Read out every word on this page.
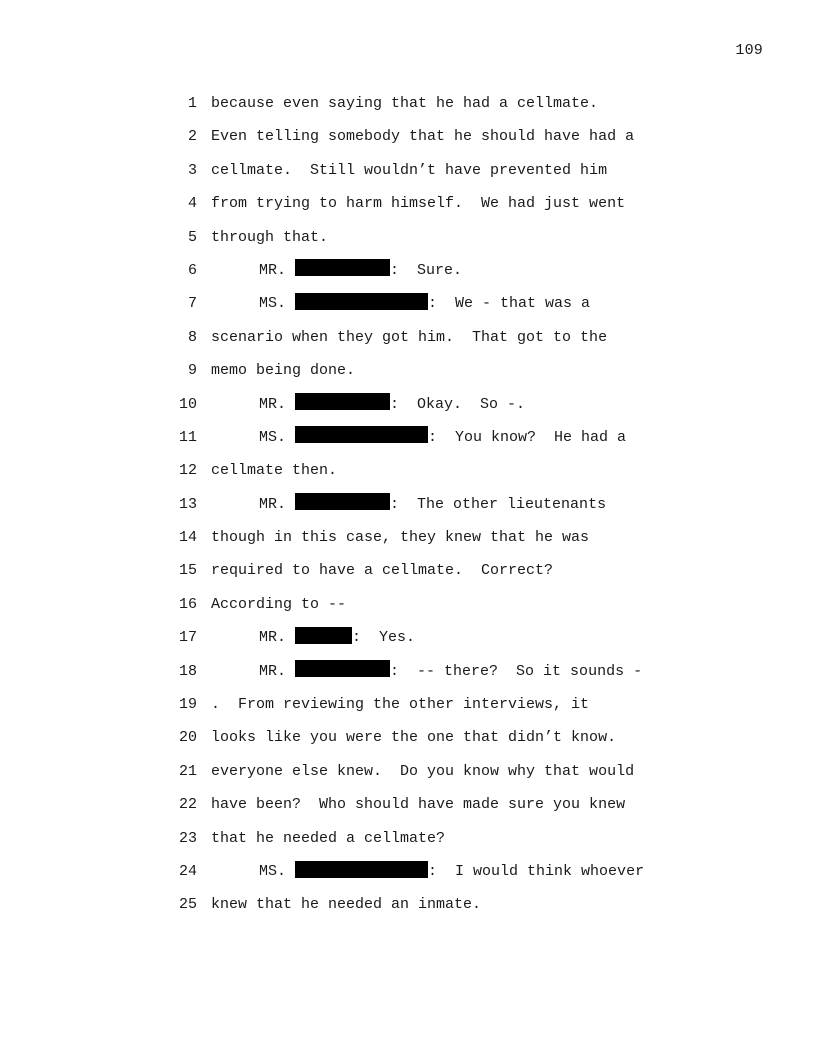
109
1 because even saying that he had a cellmate.
2 Even telling somebody that he should have had a
3 cellmate.  Still wouldn’t have prevented him
4 from trying to harm himself.  We had just went
5 through that.
6	MR.	:  Sure.
7	MS.	:  We - that was a
8 scenario when they got him.  That got to the
9 memo being done.
10	MR.	:  Okay.  So -.
11	MS.	:  You know?  He had a
12 cellmate then.
13	MR.	:  The other lieutenants
14 though in this case, they knew that he was
15 required to have a cellmate.  Correct?
16 According to --
17	MR.	:  Yes.
18	MR.	:  -- there?  So it sounds -
19 .  From reviewing the other interviews, it
20 looks like you were the one that didn’t know.
21 everyone else knew.  Do you know why that would
22 have been?  Who should have made sure you knew
23 that he needed a cellmate?
24	MS.	:  I would think whoever
25 knew that he needed an inmate.
